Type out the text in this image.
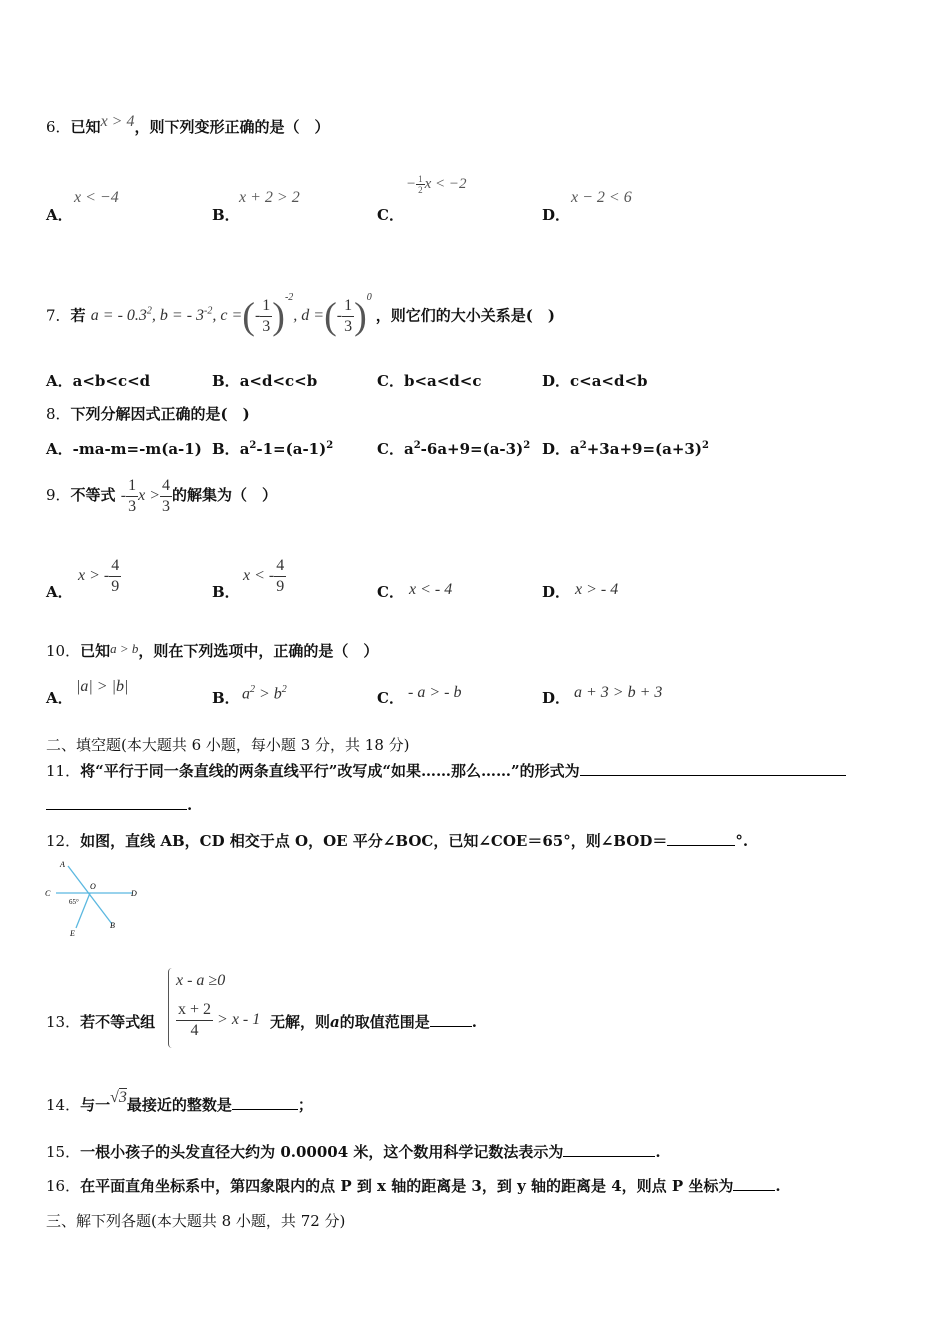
6．已知x > 4，则下列变形正确的是（　）
A．
x < −4
B．
x + 2 > 2
C．
− $\frac{1}{2}$ x < −2
D．
x − 2 < 6
7．若 a = - $0.3^2$, b = - $3^{-2}$, c =(- $\frac{1}{3} )^{-2}$, d =(- $\frac{1}{3} )^0$ ，则它们的大小关系是(　)
A．a<b<c<d	B．a<d<c<b	C．b<a<d<c	D．c<a<d<b
8．下列分解因式正确的是(　)
A．-ma-m=-m(a-1) B．$a^2-1=(a-1)^2$	C．$a^2-6a+9=(a-3)^2$ D．$a^2+3a+9=(a+3)^2$
9．不等式 - $\frac{1}{3}$ $x > \frac{4}{3}$ 的解集为（　）
A．
x > - $\frac{4}{9}$	B．
x < - $\frac{4}{9}$	C． x < - 4	D． x > - 4
10．已知a > b，则在下列选项中，正确的是（　）
A．
|a| > |b|
B． $a^2 > b^2$	C． - a > - b	D． a + 3 > b + 3
二、填空题(本大题共 6 小题，每小题 3 分，共 18 分)
11．将“平行于同一条直线的两条直线平行”改写成“如果……那么……”的形式为
.
12．如图，直线 AB，CD 相交于点 O，OE 平分∠BOC，已知∠COE＝65°，则∠BOD＝	°.
A
C
O
D
65°
B
E
13．若不等式组
x - a ≥0
$\frac{x + 2}{4} > x - 1$ 无解，则a的取值范围是	.
14．与一√3最接近的整数是	；
15．一根小孩子的头发直径大约为 0.00004 米，这个数用科学记数法表示为	.
16．在平面直角坐标系中，第四象限内的点 P 到 x 轴的距离是 3，到 y 轴的距离是 4，则点 P 坐标为	.
三、解下列各题(本大题共 8 小题，共 72 分)
